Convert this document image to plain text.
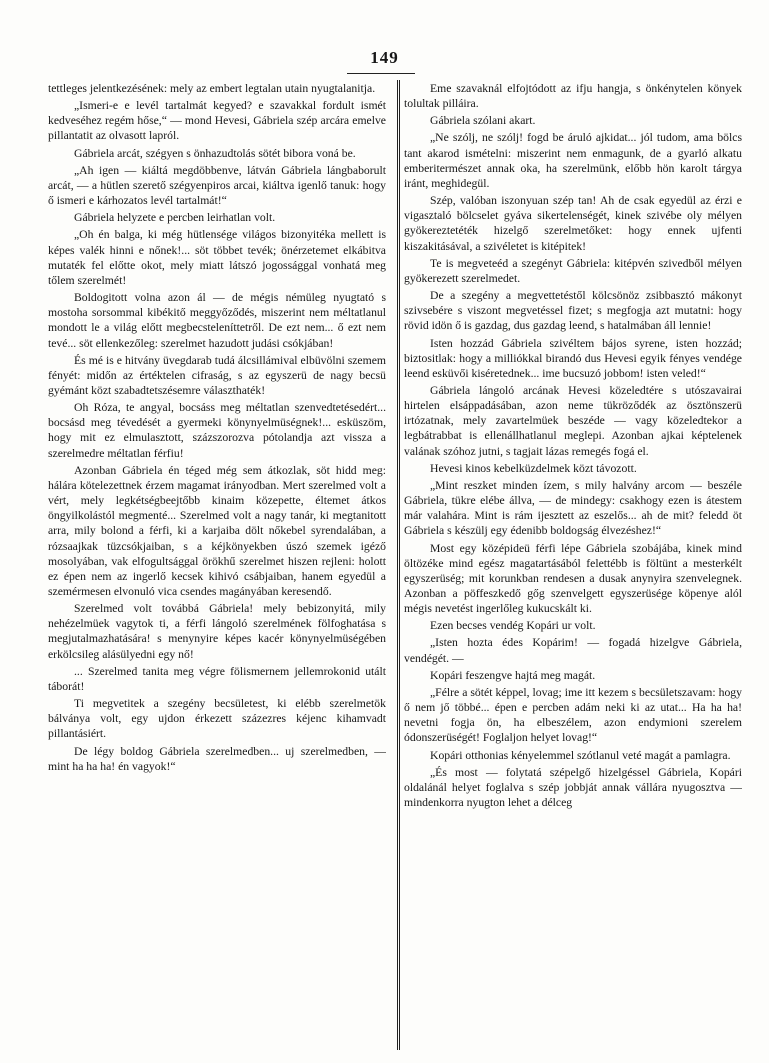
149

tettleges jelentkezésének: mely az embert legtalan utain nyugtalanitja.

„Ismeri-e e levél tartalmát kegyed? e szavakkal fordult ismét kedveséhez regém hőse,“ — mond Hevesi, Gábriela szép arcára emelve pillantatit az olvasott lapról.

Gábriela arcát, szégyen s önhazudtolás sötét bibora voná be.

„Ah igen — kiáltá megdöbbenve, látván Gábriela lángbaborult arcát, — a hütlen szerető szégyenpiros arcai, kiáltva igenlő tanuk: hogy ő ismeri e kárhozatos levél tartalmát!“

Gábriela helyzete e percben leirhatlan volt.

„Oh én balga, ki még hütlensége világos bizonyitéka mellett is képes valék hinni e nőnek!... söt többet tevék; önérzetemet elkábitva mutaték fel előtte okot, mely miatt látszó jogossággal vonhatá meg tőlem szerelmét!

Boldogitott volna azon ál — de mégis némüleg nyugtató s mostoha sorsommal kibékitő meggyőződés, miszerint nem méltatlanul mondott le a világ előtt megbecsteleníttetről. De ezt nem... ő ezt nem tevé... söt ellenkezőleg: szerelmet hazudott judási csókjában!

És mé is e hitvány üvegdarab tudá álcsillámival elbüvölni szemem fényét: midőn az értéktelen cifraság, s az egyszerü de nagy becsü gyémánt közt szabadtetszésemre választhaték!

Oh Róza, te angyal, bocsáss meg méltatlan szenvedtetésedért... bocsásd meg tévedését a gyermeki könynyelmüségnek!... esküszöm, hogy mit ez elmulasztott, százszorozva pótolandja azt vissza a szerelmedre méltatlan férfiu!

Azonban Gábriela én téged még sem átkozlak, söt hidd meg: hálára kötelezettnek érzem magamat irányodban. Mert szerelmed volt a vért, mely legkétségbeejtőbb kinaim közepette, éltemet átkos öngyilkolástól megmenté... Szerelmed volt a nagy tanár, ki megtanitott arra, mily bolond a férfi, ki a karjaiba dölt nőkebel syrendalában, a rózsaajkak tüzcsókjaiban, s a kéjkönyekben úszó szemek igéző mosolyában, vak elfogultsággal örökhű szerelmet hiszen rejleni: holott ez épen nem az ingerlő kecsek kihivó csábjaiban, hanem egyedül a szemérmesen elvonuló vica csendes magányában keresendő.

Szerelmed volt továbbá Gábriela! mely bebizonyitá, mily nehézelmüek vagytok ti, a férfi lángoló szerelmének fölfoghatása s megjutalmazhatására! s menynyire képes kacér könynyelmüségében erkölcsileg alásülyedni egy nő!

... Szerelmed tanita meg végre fölismernem jellemrokonid utált táborát!

Ti megvetitek a szegény becsületest, ki elébb szerelmetök bálványa volt, egy ujdon érkezett százezres kéjenc kihamvadt pillantásiért.

De légy boldog Gábriela szerelmedben... uj szerelmedben, — mint ha ha ha! én vagyok!“

Eme szavaknál elfojtódott az ifju hangja, s önkénytelen könyek tolultak pilláira.

Gábriela szólani akart.

„Ne szólj, ne szólj! fogd be áruló ajkidat... jól tudom, ama bölcs tant akarod ismételni: miszerint nem enmagunk, de a gyarló alkatu emberitermészet annak oka, ha szerelmünk, előbb hön karolt tárgya iránt, meghidegül.

Szép, valóban iszonyuan szép tan! Ah de csak egyedül az érzi e vigasztaló bölcselet gyáva sikertelenségét, kinek szivébe oly mélyen gyökereztetéték hizelgő szerelmetőket: hogy ennek ujfenti kiszakitásával, a szivéletet is kitépitek!

Te is megveteéd a szegényt Gábriela: kitépvén szivedből mélyen gyökerezett szerelmedet.

De a szegény a megvettetéstől kölcsönöz zsibbasztó mákonyt szivsebére s viszont megvetéssel fizet; s megfogja azt mutatni: hogy rövid idön ő is gazdag, dus gazdag leend, s hatalmában áll lennie!

Isten hozzád Gábriela szivéltem bájos syrene, isten hozzád; biztositlak: hogy a milliókkal birandó dus Hevesi egyik fényes vendége leend esküvői kiséretednek... ime bucsuzó jobbom! isten veled!“

Gábriela lángoló arcának Hevesi közeledtére s utószavairai hirtelen elsáppadásában, azon neme tükröződék az ösztönszerü irtózatnak, mely zavartelmüek beszéde — vagy közeledtekor a legbátrabbat is ellenállhatlanul meglepi. Azonban ajkai képtelenek valának szóhoz jutni, s tagjait lázas remegés fogá el.

Hevesi kinos kebelküzdelmek közt távozott.

„Mint reszket minden ízem, s mily halvány arcom — beszéle Gábriela, tükre elébe állva, — de mindegy: csakhogy ezen is átestem már valahára. Mint is rám ijesztett az eszelős... ah de mit? feledd öt Gábriela s készülj egy édenibb boldogság élvezéshez!“

Most egy középideü férfi lépe Gábriela szobájába, kinek mind öltözéke mind egész magatartásából felettébb is föltünt a mesterkélt egyszerüség; mit korunkban rendesen a dusak anynyira szenvelegnek. Azonban a pöffeszkedő gőg szenvelgett egyszerüsége köpenye alól mégis nevetést ingerlőleg kukucskált ki.

Ezen becses vendég Kopári ur volt.

„Isten hozta édes Kopárim! — fogadá hizelgve Gábriela, vendégét. —

Kopári feszengve hajtá meg magát.

„Félre a sötét képpel, lovag; ime itt kezem s becsületszavam: hogy ő nem jő többé... épen e percben adám neki ki az utat... Ha ha ha! nevetni fogja ön, ha elbeszélem, azon endymioni szerelem ódonszerüségét! Foglaljon helyet lovag!“

Kopári otthonias kényelemmel szótlanul veté magát a pamlagra.

„És most — folytatá szépelgő hizelgéssel Gábriela, Kopári oldalánál helyet foglalva s szép jobbját annak vállára nyugosztva — mindenkorra nyugton lehet a délceg
